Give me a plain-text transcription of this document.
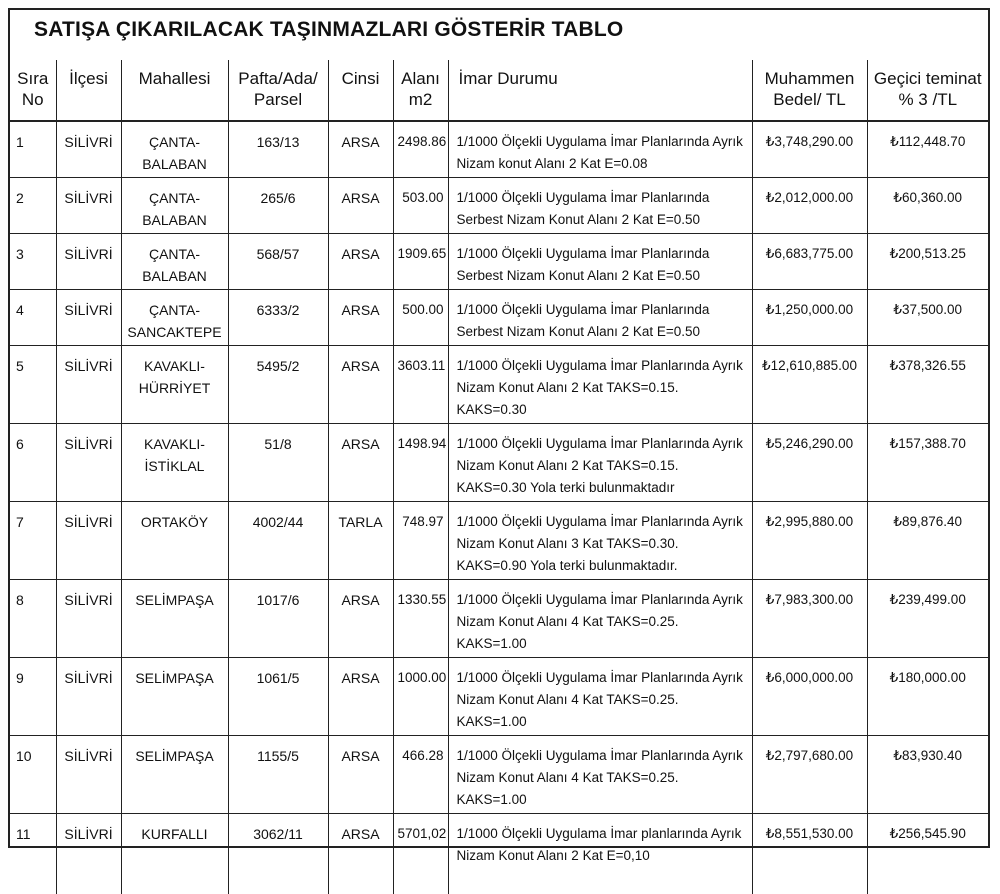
SATIŞA ÇIKARILACAK TAŞINMAZLARI GÖSTERİR TABLO
Sıra No	İlçesi	Mahallesi	Pafta/Ada/ Parsel	Cinsi	Alanı m2	İmar Durumu	Muhammen Bedel/ TL	Geçici teminat % 3 /TL
1	SİLİVRİ	ÇANTA- BALABAN	163/13	ARSA	2498.86	1/1000 Ölçekli Uygulama İmar Planlarında Ayrık Nizam konut Alanı 2 Kat E=0.08	₺3,748,290.00	₺112,448.70
2	SİLİVRİ	ÇANTA- BALABAN	265/6	ARSA	503.00	1/1000 Ölçekli Uygulama İmar Planlarında Serbest Nizam Konut Alanı 2 Kat E=0.50	₺2,012,000.00	₺60,360.00
3	SİLİVRİ	ÇANTA- BALABAN	568/57	ARSA	1909.65	1/1000 Ölçekli Uygulama İmar Planlarında Serbest Nizam Konut Alanı 2 Kat E=0.50	₺6,683,775.00	₺200,513.25
4	SİLİVRİ	ÇANTA- SANCAKTEPE	6333/2	ARSA	500.00	1/1000 Ölçekli Uygulama İmar Planlarında Serbest Nizam Konut Alanı 2 Kat E=0.50	₺1,250,000.00	₺37,500.00
5	SİLİVRİ	KAVAKLI- HÜRRİYET	5495/2	ARSA	3603.11	1/1000 Ölçekli Uygulama İmar Planlarında Ayrık Nizam Konut Alanı 2 Kat TAKS=0.15. KAKS=0.30	₺12,610,885.00	₺378,326.55
6	SİLİVRİ	KAVAKLI- İSTİKLAL	51/8	ARSA	1498.94	1/1000 Ölçekli Uygulama İmar Planlarında Ayrık Nizam Konut Alanı 2 Kat TAKS=0.15. KAKS=0.30 Yola terki bulunmaktadır	₺5,246,290.00	₺157,388.70
7	SİLİVRİ	ORTAKÖY	4002/44	TARLA	748.97	1/1000 Ölçekli Uygulama İmar Planlarında Ayrık Nizam Konut Alanı 3 Kat TAKS=0.30. KAKS=0.90 Yola terki bulunmaktadır.	₺2,995,880.00	₺89,876.40
8	SİLİVRİ	SELİMPAŞA	1017/6	ARSA	1330.55	1/1000 Ölçekli Uygulama İmar Planlarında Ayrık Nizam Konut Alanı 4 Kat TAKS=0.25. KAKS=1.00	₺7,983,300.00	₺239,499.00
9	SİLİVRİ	SELİMPAŞA	1061/5	ARSA	1000.00	1/1000 Ölçekli Uygulama İmar Planlarında Ayrık Nizam Konut Alanı 4 Kat TAKS=0.25. KAKS=1.00	₺6,000,000.00	₺180,000.00
10	SİLİVRİ	SELİMPAŞA	1155/5	ARSA	466.28	1/1000 Ölçekli Uygulama İmar Planlarında Ayrık Nizam Konut Alanı 4 Kat TAKS=0.25. KAKS=1.00	₺2,797,680.00	₺83,930.40
11	SİLİVRİ	KURFALLI	3062/11	ARSA	5701,02	1/1000 Ölçekli Uygulama İmar planlarında Ayrık Nizam Konut Alanı 2 Kat E=0,10	₺8,551,530.00	₺256,545.90
